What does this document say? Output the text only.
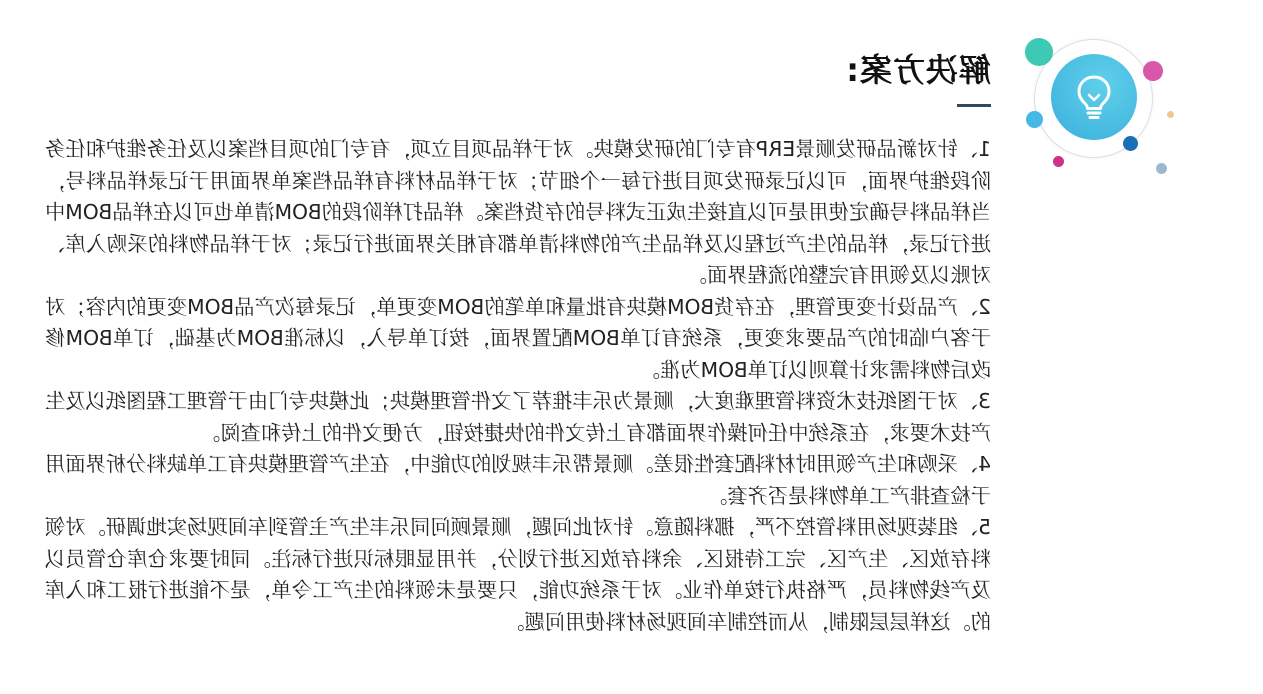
解决方案:

1、针对新品研发顺景ERP有专门的研发模块。对于样品项目立项，有专门的项目档案以及任务维护和任务阶段维护界面，可以记录研发项目进行每一个细节；对于样品材料有样品档案单界面用于记录样品料号，当样品料号确定使用是可以直接生成正式料号的存货档案。样品打样阶段的BOM清单也可以在样品BOM中进行记录，样品的生产过程以及样品生产的物料清单都有相关界面进行记录；对于样品物料的采购入库、对账以及领用有完整的流程界面。

2、产品设计变更管理，在存货BOM模块有批量和单笔的BOM变更单，记录每次产品BOM变更的内容；对于客户临时的产品要求变更，系统有订单BOM配置界面，按订单导入，以标准BOM为基础，订单BOM修改后物料需求计算则以订单BOM为准。

3、对于图纸技术资料管理难度大，顺景为乐丰推荐了文件管理模块；此模块专门由于管理工程图纸以及生产技术要求，在系统中任何操作界面都有上传文件的快捷按钮，方便文件的上传和查阅。

4、采购和生产领用时材料配套性很差。顺景帮乐丰规划的功能中，在生产管理模块有工单缺料分析界面用于检查排产工单物料是否齐套。

5、组装现场用料管控不严，挪料随意。针对此问题，顺景顾问同乐丰生产主管到车间现场实地调研。对领料存放区、生产区、完工待报区、余料存放区进行划分，并用显眼标识进行标注。同时要求仓库仓管员以及产线物料员，严格执行按单作业。对于系统功能，只要是未领料的生产工令单，是不能进行报工和入库的。这样层层限制，从而控制车间现场材料使用问题。
